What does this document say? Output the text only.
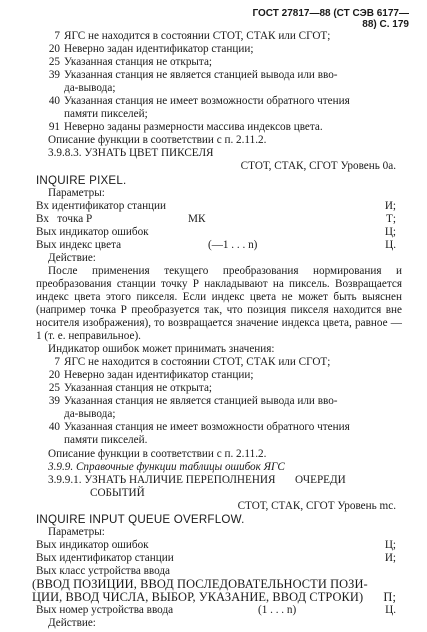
ГОСТ 27817—88 (СТ СЭВ 6177—88) С. 179
7 ЯГС не находится в состоянии СТОТ, СТАК или СГОТ;
20 Неверно задан идентификатор станции;
25 Указанная станция не открыта;
39 Указанная станция не является станцией вывода или вво-
да-вывода;
40 Указанная станция не имеет возможности обратного чтения
памяти пикселей;
91 Неверно заданы размерности массива индексов цвета.
Описание функции в соответствии с п. 2.11.2.
3.9.8.3. УЗНАТЬ ЦВЕТ ПИКСЕЛЯ
СТОТ, СТАК, СГОТ Уровень 0a.
INQUIRE PIXEL.
Параметры:
Вх идентификатор станции	И;
Вх   точка Р	МК	Т;
Вых индикатор ошибок	Ц;
Вых индекс цвета	(—1 . . . n)	Ц.
Действие:
После применения текущего преобразования нормирования и преобразования станции точку Р накладывают на пиксель. Возвращается индекс цвета этого пикселя. Если индекс цвета не может быть выяснен (например точка Р преобразуется так, что позиция пикселя находится вне носителя изображения), то возвращается значение индекса цвета, равное —1 (т. е. неправильное).
Индикатор ошибок может принимать значения:
7 ЯГС не находится в состоянии СТОТ, СТАК или СГОТ;
20 Неверно задан идентификатор станции;
25 Указанная станция не открыта;
39 Указанная станция не является станцией вывода или вво-
да-вывода;
40 Указанная станция не имеет возможности обратного чтения
памяти пикселей.
Описание функции в соответствии с п. 2.11.2.
3.9.9. Справочные функции таблицы ошибок ЯГС
3.9.9.1. УЗНАТЬ НАЛИЧИЕ ПЕРЕПОЛНЕНИЯ       ОЧЕРЕДИ
СОБЫТИЙ
СТОТ, СТАК, СГОТ Уровень mc.
INQUIRE INPUT QUEUE OVERFLOW.
Параметры:
Вых индикатор ошибок	Ц;
Вых идентификатор станции	И;
Вых класс устройства ввода
(ВВОД ПОЗИЦИИ, ВВОД ПОСЛЕДОВАТЕЛЬНОСТИ ПОЗИ-
ЦИИ, ВВОД ЧИСЛА, ВЫБОР, УКАЗАНИЕ, ВВОД СТРОКИ) П;
Вых номер устройства ввода	(1 . . . n)	Ц.
Действие:
